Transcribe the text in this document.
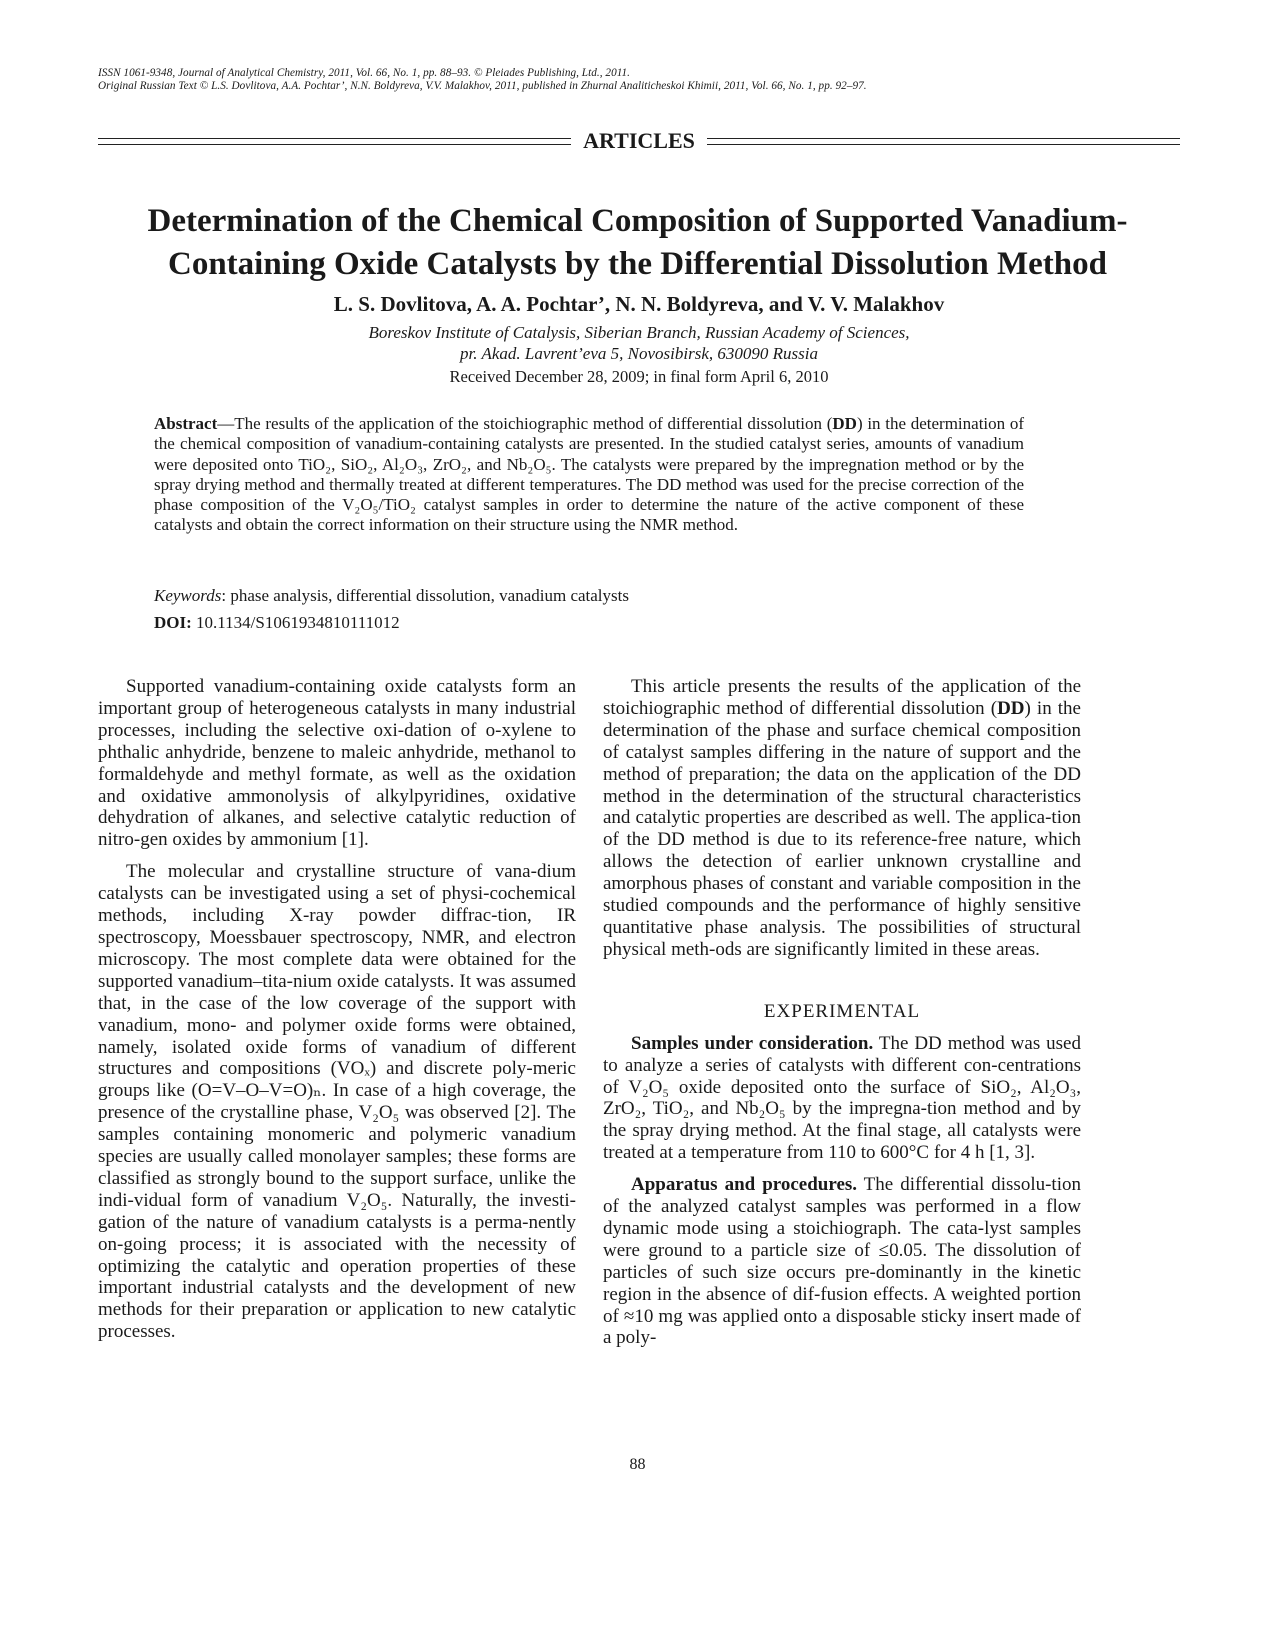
ISSN 1061-9348, Journal of Analytical Chemistry, 2011, Vol. 66, No. 1, pp. 88–93. © Pleiades Publishing, Ltd., 2011.
Original Russian Text © L.S. Dovlitova, A.A. Pochtar’, N.N. Boldyreva, V.V. Malakhov, 2011, published in Zhurnal Analiticheskoi Khimii, 2011, Vol. 66, No. 1, pp. 92–97.
ARTICLES
Determination of the Chemical Composition of Supported Vanadium-
Containing Oxide Catalysts by the Differential Dissolution Method
L. S. Dovlitova, A. A. Pochtar’, N. N. Boldyreva, and V. V. Malakhov
Boreskov Institute of Catalysis, Siberian Branch, Russian Academy of Sciences,
pr. Akad. Lavrent’eva 5, Novosibirsk, 630090 Russia
Received December 28, 2009; in final form April 6, 2010
Abstract—The results of the application of the stoichiographic method of differential dissolution (DD) in the determination of the chemical composition of vanadium-containing catalysts are presented. In the studied catalyst series, amounts of vanadium were deposited onto TiO₂, SiO₂, Al₂O₃, ZrO₂, and Nb₂O₅. The catalysts were prepared by the impregnation method or by the spray drying method and thermally treated at different temperatures. The DD method was used for the precise correction of the phase composition of the V₂O₅/TiO₂ catalyst samples in order to determine the nature of the active component of these catalysts and obtain the correct information on their structure using the NMR method.
Keywords: phase analysis, differential dissolution, vanadium catalysts
DOI: 10.1134/S1061934810111012

Supported vanadium-containing oxide catalysts form an important group of heterogeneous catalysts in many industrial processes, including the selective oxi-dation of o-xylene to phthalic anhydride, benzene to maleic anhydride, methanol to formaldehyde and methyl formate, as well as the oxidation and oxidative ammonolysis of alkylpyridines, oxidative dehydration of alkanes, and selective catalytic reduction of nitro-gen oxides by ammonium [1].

The molecular and crystalline structure of vana-dium catalysts can be investigated using a set of physi-cochemical methods, including X-ray powder diffrac-tion, IR spectroscopy, Moessbauer spectroscopy, NMR, and electron microscopy. The most complete data were obtained for the supported vanadium–tita-nium oxide catalysts. It was assumed that, in the case of the low coverage of the support with vanadium, mono- and polymer oxide forms were obtained, namely, isolated oxide forms of vanadium of different structures and compositions (VOₓ) and discrete poly-meric groups like (O=V–O–V=O)ₙ. In case of a high coverage, the presence of the crystalline phase, V₂O₅ was observed [2]. The samples containing monomeric and polymeric vanadium species are usually called monolayer samples; these forms are classified as strongly bound to the support surface, unlike the indi-vidual form of vanadium V₂O₅. Naturally, the investi-gation of the nature of vanadium catalysts is a perma-nently on-going process; it is associated with the necessity of optimizing the catalytic and operation properties of these important industrial catalysts and the development of new methods for their preparation or application to new catalytic processes.

This article presents the results of the application of the stoichiographic method of differential dissolution (DD) in the determination of the phase and surface chemical composition of catalyst samples differing in the nature of support and the method of preparation; the data on the application of the DD method in the determination of the structural characteristics and catalytic properties are described as well. The applica-tion of the DD method is due to its reference-free nature, which allows the detection of earlier unknown crystalline and amorphous phases of constant and variable composition in the studied compounds and the performance of highly sensitive quantitative phase analysis. The possibilities of structural physical meth-ods are significantly limited in these areas.

EXPERIMENTAL

Samples under consideration. The DD method was used to analyze a series of catalysts with different con-centrations of V₂O₅ oxide deposited onto the surface of SiO₂, Al₂O₃, ZrO₂, TiO₂, and Nb₂O₅ by the impregna-tion method and by the spray drying method. At the final stage, all catalysts were treated at a temperature from 110 to 600°C for 4 h [1, 3].

Apparatus and procedures. The differential dissolu-tion of the analyzed catalyst samples was performed in a flow dynamic mode using a stoichiograph. The cata-lyst samples were ground to a particle size of ≤0.05. The dissolution of particles of such size occurs pre-dominantly in the kinetic region in the absence of dif-fusion effects. A weighted portion of ≈10 mg was applied onto a disposable sticky insert made of a poly-

88
